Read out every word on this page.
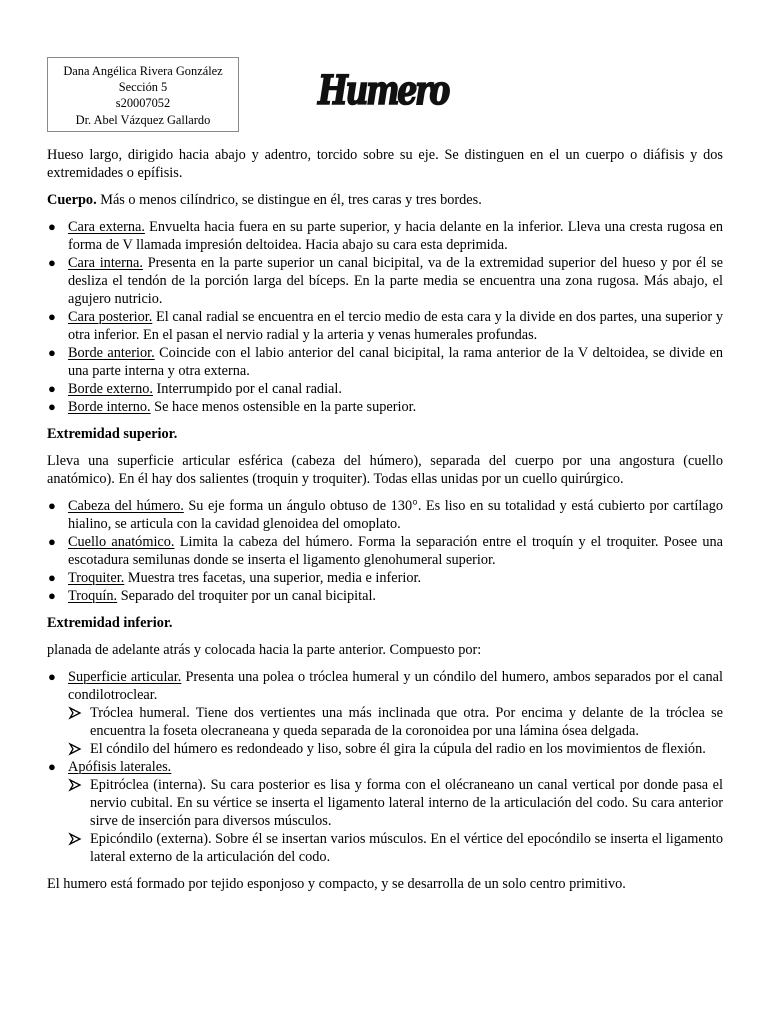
Dana Angélica Rivera González
Sección 5
s20007052
Dr. Abel Vázquez Gallardo
Humero

Hueso largo, dirigido hacia abajo y adentro, torcido sobre su eje. Se distinguen en el un cuerpo o diáfisis y dos extremidades o epífisis.

Cuerpo. Más o menos cilíndrico, se distingue en él, tres caras y tres bordes.

● Cara externa. Envuelta hacia fuera en su parte superior, y hacia delante en la inferior. Lleva una cresta rugosa en forma de V llamada impresión deltoidea. Hacia abajo su cara esta deprimida.
● Cara interna. Presenta en la parte superior un canal bicipital, va de la extremidad superior del hueso y por él se desliza el tendón de la porción larga del bíceps. En la parte media se encuentra una zona rugosa. Más abajo, el agujero nutricio.
● Cara posterior. El canal radial se encuentra en el tercio medio de esta cara y la divide en dos partes, una superior y otra inferior. En el pasan el nervio radial y la arteria y venas humerales profundas.
● Borde anterior. Coincide con el labio anterior del canal bicipital, la rama anterior de la V deltoidea, se divide en una parte interna y otra externa.
● Borde externo. Interrumpido por el canal radial.
● Borde interno. Se hace menos ostensible en la parte superior.

Extremidad superior.

Lleva una superficie articular esférica (cabeza del húmero), separada del cuerpo por una angostura (cuello anatómico). En él hay dos salientes (troquin y troquiter). Todas ellas unidas por un cuello quirúrgico.

● Cabeza del húmero. Su eje forma un ángulo obtuso de 130°. Es liso en su totalidad y está cubierto por cartílago hialino, se articula con la cavidad glenoidea del omoplato.
● Cuello anatómico. Limita la cabeza del húmero. Forma la separación entre el troquín y el troquiter. Posee una escotadura semilunas donde se inserta el ligamento glenohumeral superior.
● Troquiter. Muestra tres facetas, una superior, media e inferior.
● Troquín. Separado del troquiter por un canal bicipital.

Extremidad inferior.

planada de adelante atrás y colocada hacia la parte anterior. Compuesto por:

● Superficie articular. Presenta una polea o tróclea humeral y un cóndilo del humero, ambos separados por el canal condilotroclear.
Tróclea humeral. Tiene dos vertientes una más inclinada que otra. Por encima y delante de la tróclea se encuentra la foseta olecraneana y queda separada de la coronoidea por una lámina ósea delgada.
El cóndilo del húmero es redondeado y liso, sobre él gira la cúpula del radio en los movimientos de flexión.
● Apófisis laterales.
Epitróclea (interna). Su cara posterior es lisa y forma con el olécraneano un canal vertical por donde pasa el nervio cubital. En su vértice se inserta el ligamento lateral interno de la articulación del codo. Su cara anterior sirve de inserción para diversos músculos.
Epicóndilo (externa). Sobre él se insertan varios músculos. En el vértice del epocóndilo se inserta el ligamento lateral externo de la articulación del codo.

El humero está formado por tejido esponjoso y compacto, y se desarrolla de un solo centro primitivo.
